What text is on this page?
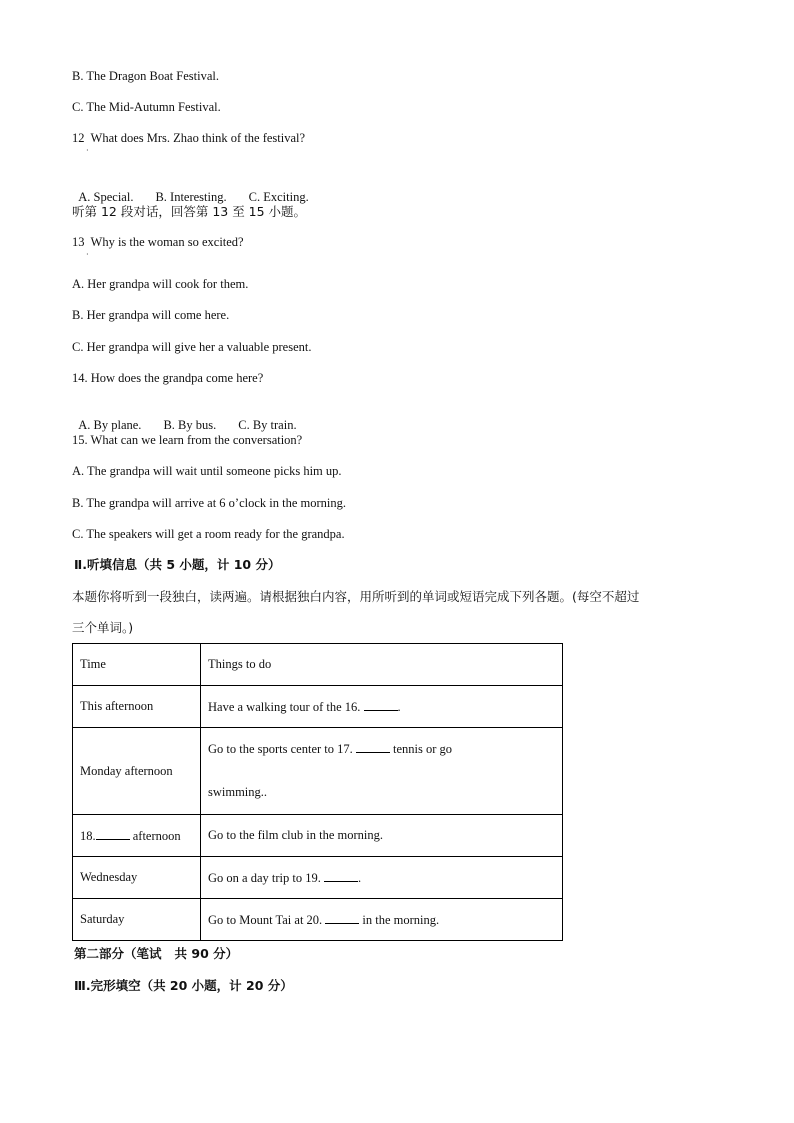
B. The Dragon Boat Festival.
C. The Mid-Autumn Festival.
12  What does Mrs. Zhao think of the festival?
·

A. Special. B. Interesting. C. Exciting.

听第 12 段对话，回答第 13 至 15 小题。
13  Why is the woman so excited?
·
A. Her grandpa will cook for them.
B. Her grandpa will come here.
C. Her grandpa will give her a valuable present.
14. How does the grandpa come here?

A. By plane. B. By bus. C. By train.

15. What can we learn from the conversation?
A. The grandpa will wait until someone picks him up.
B. The grandpa will arrive at 6 o’clock in the morning.
C. The speakers will get a room ready for the grandpa.
Ⅱ.听填信息（共 5 小题，计 10 分）
本题你将听到一段独白，读两遍。请根据独白内容，用所听到的单词或短语完成下列各题。(每空不超过
三个单词。)
Time	Things to do
This afternoon	Have a walking tour of the 16. .
Monday afternoon	Go to the sports center to 17. tennis or go
swimming..

18. afternoon	Go to the film club in the morning.
Wednesday	Go on a day trip to 19. .
Saturday	Go to Mount Tai at 20. in the morning.
第二部分（笔试   共 90 分）
Ⅲ.完形填空（共 20 小题，计 20 分）
